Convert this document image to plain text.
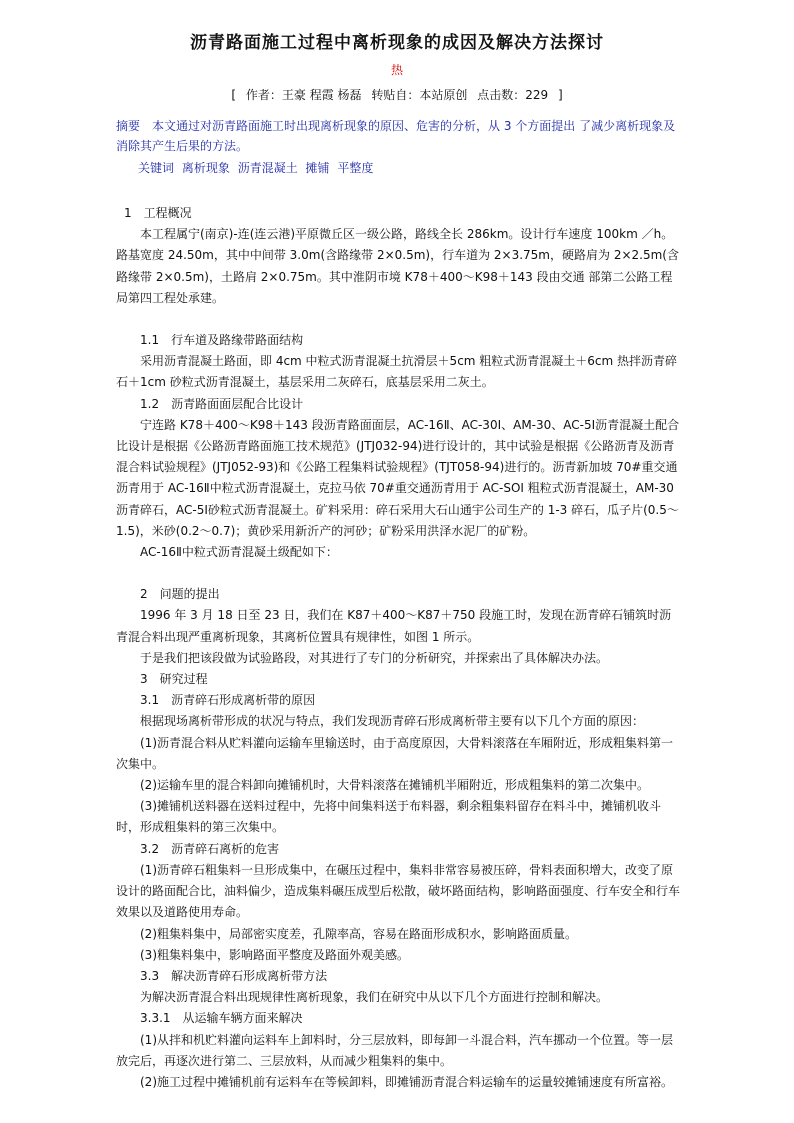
沥青路面施工过程中离析现象的成因及解决方法探讨
热
[ 作者：王豪 程霞 杨磊 转贴自：本站原创 点击数：229 ]
摘要　本文通过对沥青路面施工时出现离析现象的原因、危害的分析，从 3 个方面提出 了减少离析现象及消除其产生后果的方法。
关键词 离析现象 沥青混凝土 摊铺 平整度

1　工程概况

本工程属宁(南京)-连(连云港)平原微丘区一级公路，路线全长 286km。设计行车速度 100km ／h。路基宽度 24.50m，其中中间带 3.0m(含路缘带 2×0.5m)，行车道为 2×3.75m，硬路肩为 2×2.5m(含路缘带 2×0.5m)，土路肩 2×0.75m。其中淮阴市境 K78＋400～K98＋143 段由交通 部第二公路工程局第四工程处承建。

1.1　行车道及路缘带路面结构

采用沥青混凝土路面，即 4cm 中粒式沥青混凝土抗滑层＋5cm 粗粒式沥青混凝土＋6cm 热拌沥青碎石＋1cm 砂粒式沥青混凝土，基层采用二灰碎石，底基层采用二灰土。

1.2　沥青路面面层配合比设计

宁连路 K78＋400～K98＋143 段沥青路面面层，AC-16Ⅱ、AC-30Ⅰ、AM-30、AC-5Ⅰ沥青混凝土配合比设计是根据《公路沥青路面施工技术规范》(JTJ032-94)进行设计的，其中试验是根据《公路沥青及沥青混合料试验规程》(JTJ052-93)和《公路工程集料试验规程》(TJT058-94)进行的。沥青新加坡 70#重交通沥青用于 AC-16Ⅱ中粒式沥青混凝土，克拉马依 70#重交通沥青用于 AC-SOI 粗粒式沥青混凝土，AM-30 沥青碎石，AC-5Ⅰ砂粒式沥青混凝土。矿料采用：碎石采用大石山通宇公司生产的 1-3 碎石，瓜子片(0.5～1.5)，米砂(0.2～0.7)；黄砂采用新沂产的河砂；矿粉采用洪泽水泥厂的矿粉。

AC-16Ⅱ中粒式沥青混凝土级配如下：

2　问题的提出

1996 年 3 月 18 日至 23 日，我们在 K87＋400～K87＋750 段施工时，发现在沥青碎石铺筑时沥青混合料出现严重离析现象，其离析位置具有规律性，如图 1 所示。

于是我们把该段做为试验路段，对其进行了专门的分析研究，并探索出了具体解决办法。

3　研究过程

3.1　沥青碎石形成离析带的原因

根据现场离析带形成的状况与特点，我们发现沥青碎石形成离析带主要有以下几个方面的原因：

(1)沥青混合料从贮料灌向运输车里输送时，由于高度原因，大骨料滚落在车厢附近，形成粗集料第一次集中。

(2)运输车里的混合料卸向摊铺机时，大骨料滚落在摊铺机半厢附近，形成粗集料的第二次集中。

(3)摊铺机送料器在送料过程中，先将中间集料送于布料器，剩余粗集料留存在料斗中，摊铺机收斗时，形成粗集料的第三次集中。

3.2　沥青碎石离析的危害

(1)沥青碎石粗集料一旦形成集中，在碾压过程中，集料非常容易被压碎，骨料表面积增大，改变了原设计的路面配合比，油料偏少，造成集料碾压成型后松散，破坏路面结构，影响路面强度、行车安全和行车效果以及道路使用寿命。

(2)粗集料集中，局部密实度差，孔隙率高，容易在路面形成积水，影响路面质量。

(3)粗集料集中，影响路面平整度及路面外观美感。

3.3　解决沥青碎石形成离析带方法

为解决沥青混合料出现规律性离析现象，我们在研究中从以下几个方面进行控制和解决。

3.3.1　从运输车辆方面来解决

(1)从拌和机贮料灌向运料车上卸料时，分三层放料，即每卸一斗混合料，汽车挪动一个位置。等一层放完后，再逐次进行第二、三层放料，从而减少粗集料的集中。

(2)施工过程中摊铺机前有运料车在等候卸料，即摊铺沥青混合料运输车的运量较摊铺速度有所富裕。
